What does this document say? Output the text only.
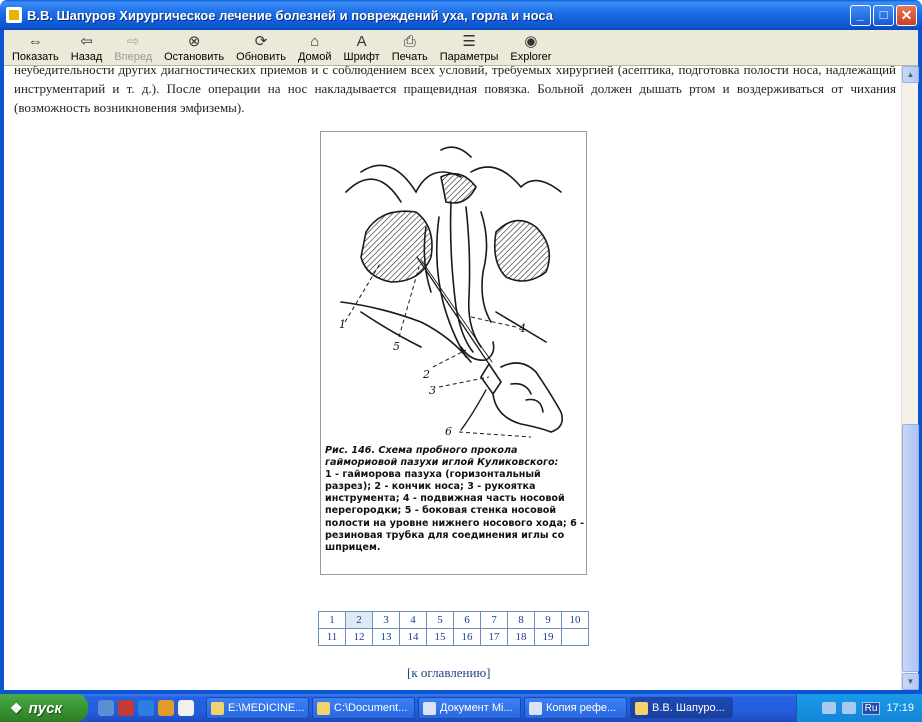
В.В. Шапуров Хирургическое лечение болезней и повреждений уха, горла и носа	_	□ ✕
⇔
Показать
⇦
Назад
⇨
Вперед
⊗
Остановить
⟳
Обновить
⌂
Домой
A
Шрифт
⎙
Печать
☰
Параметры
◉
Explorer

неубедительности других диагностических приемов и с соблюдением всех условий, требуемых хирургией (асептика, подготовка полости носа, надлежащий инструментарий и т. д.). После операции на нос накладывается пращевидная повязка. Больной должен дышать ртом и воздерживаться от чихания (возможность возникновения эмфиземы).

1
2
3
4
5
6
Рис. 146. Схема пробного прокола гаймориовой пазухи иглой Куликовского:
1 - гайморова пазуха (горизонтальный разрез); 2 - кончик носа; 3 - рукоятка инструмента; 4 - подвижная часть носовой перегородки; 5 - боковая стенка носовой полости на уровне нижнего носового хода; 6 - резиновая трубка для соединения иглы со шприцем.
1	2	3	4	5	6	7	8	9	10
11	12	13	14	15	16	17	18	19	
[к оглавлению]
▲
▼
❖ пуск	E:\MEDICINE...	C:\Document...	Документ Mi...	Копия рефе...	В.В. Шапуро...	Ru 17:19
